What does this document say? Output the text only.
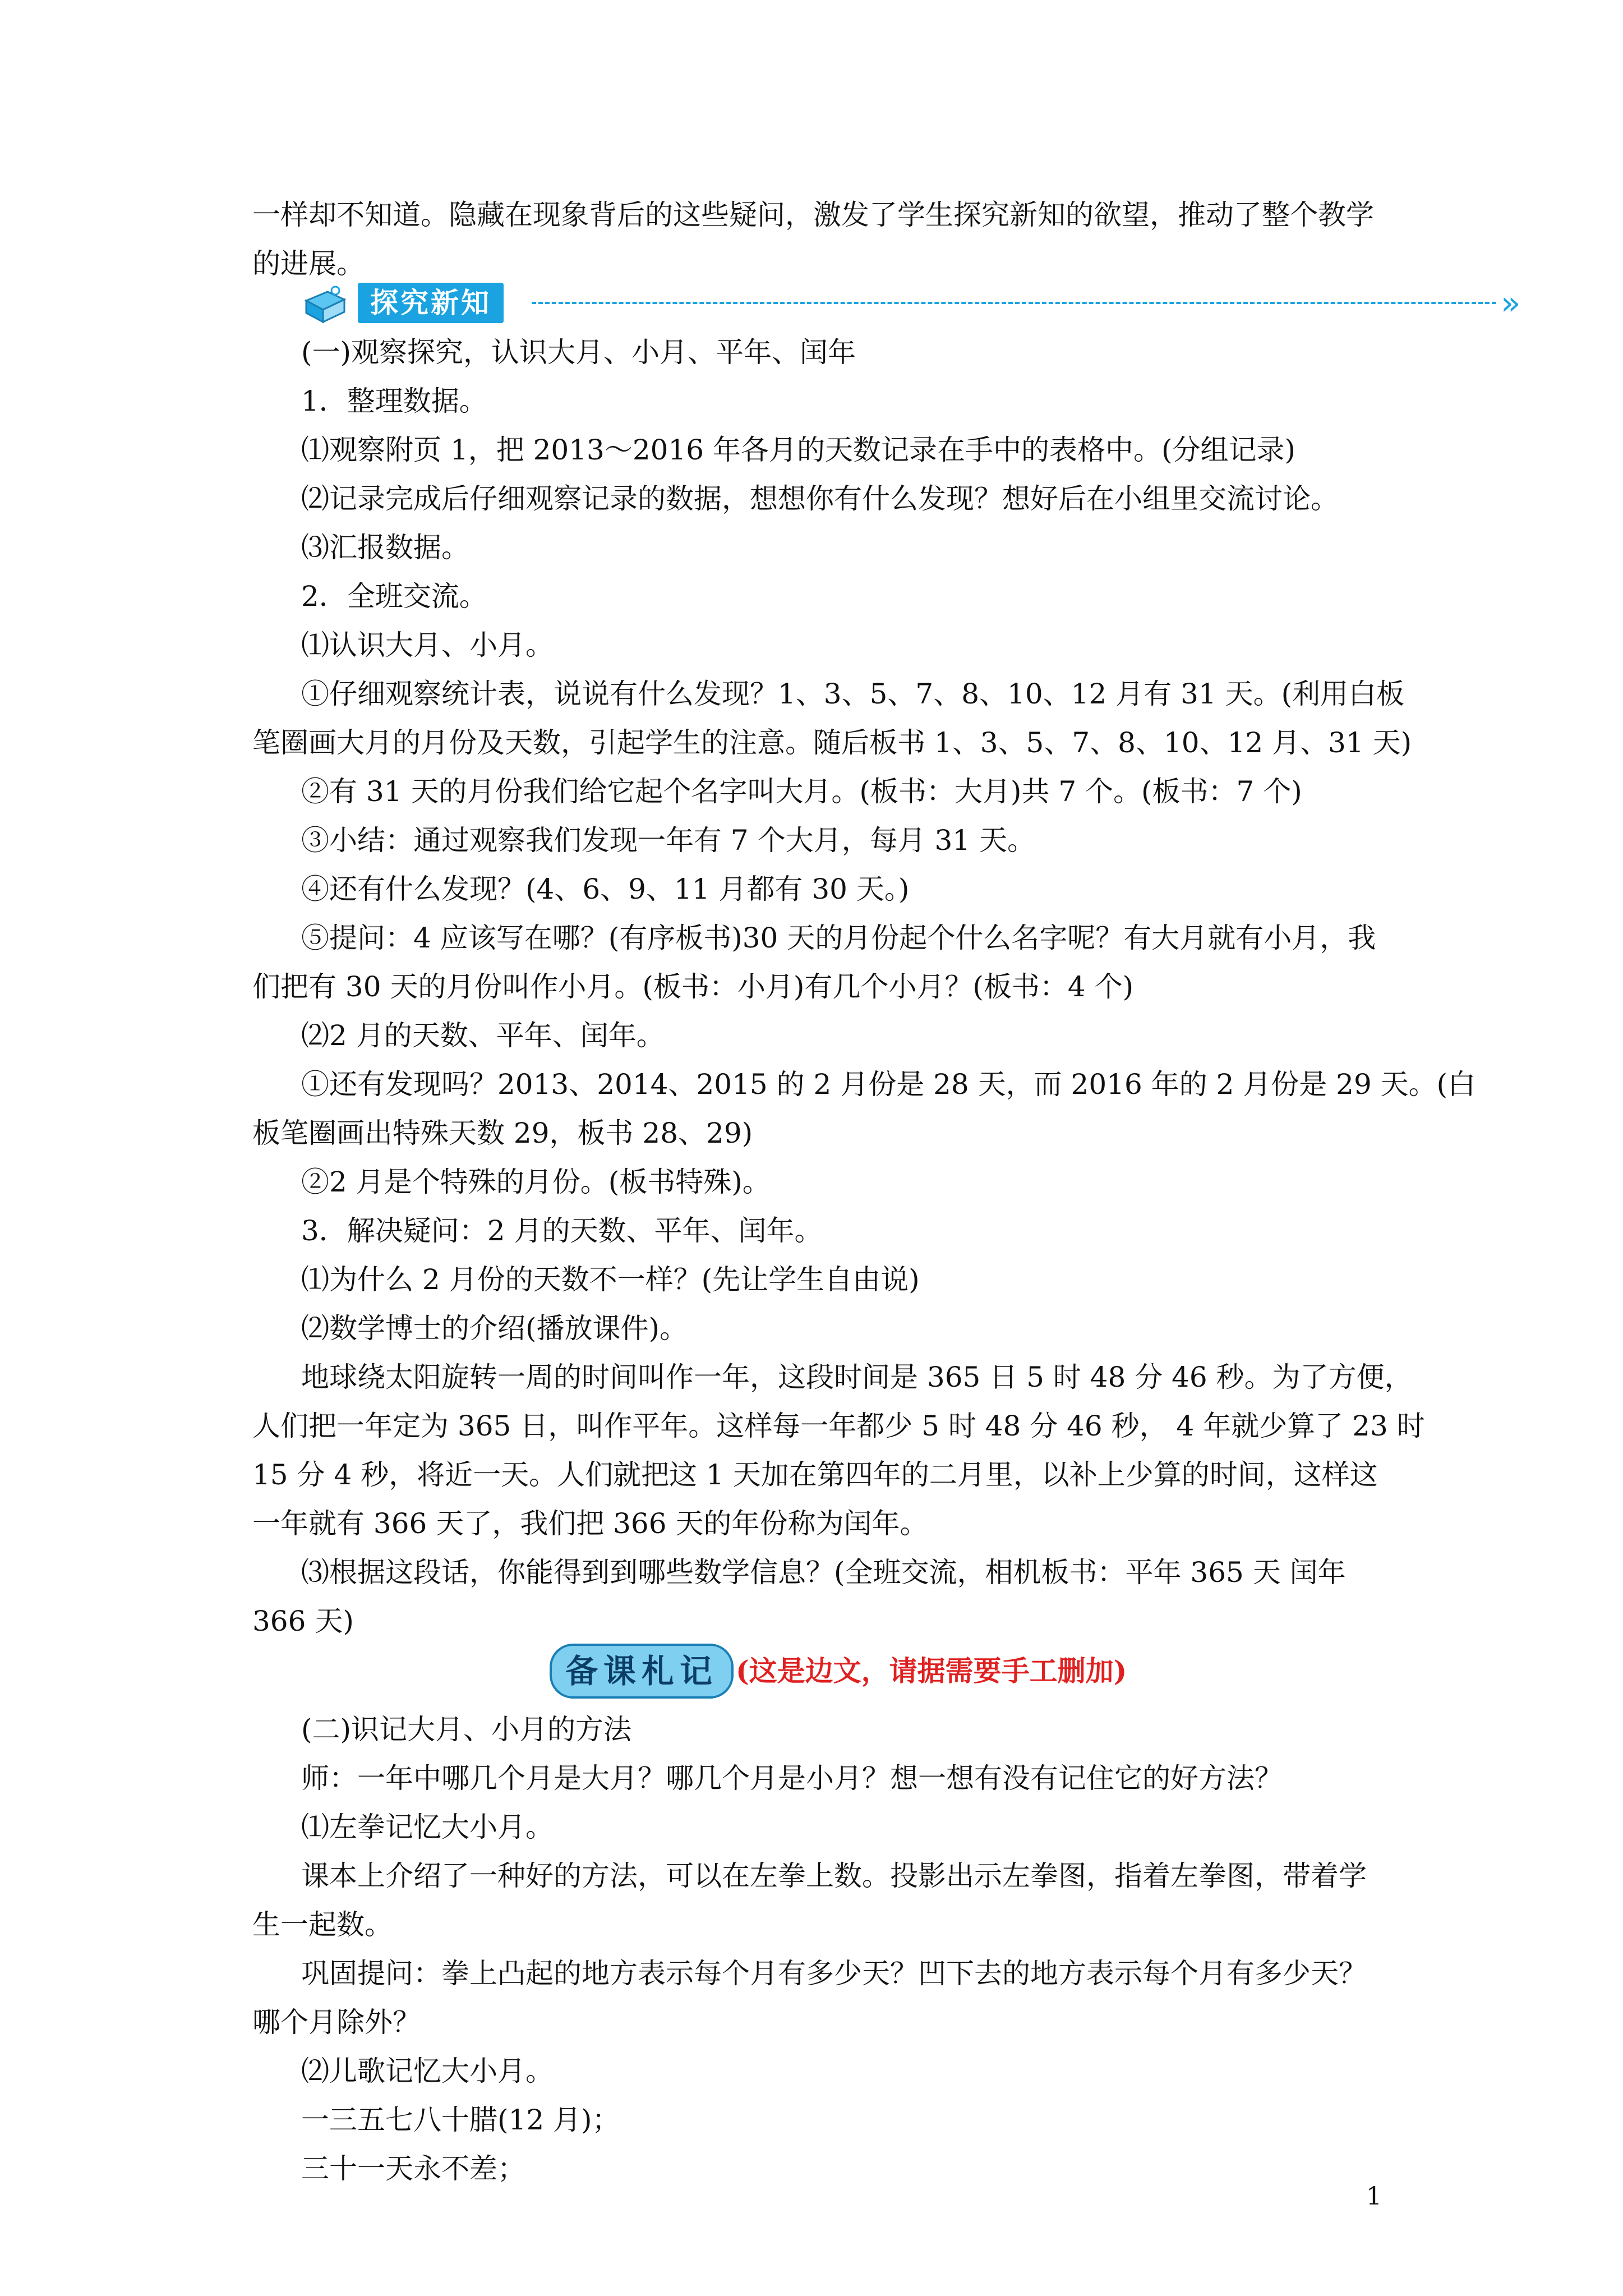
一样却不知道。隐藏在现象背后的这些疑问，激发了学生探究新知的欲望，推动了整个教学

的进展。

探究新知	»

(一)观察探究，认识大月、小月、平年、闰年

1．整理数据。

⑴观察附页 1，把 2013～2016 年各月的天数记录在手中的表格中。(分组记录)

⑵记录完成后仔细观察记录的数据，想想你有什么发现？想好后在小组里交流讨论。

⑶汇报数据。

2．全班交流。

⑴认识大月、小月。

①仔细观察统计表，说说有什么发现？1、3、5、7、8、10、12 月有 31 天。(利用白板

笔圈画大月的月份及天数，引起学生的注意。随后板书 1、3、5、7、8、10、12 月、31 天)

②有 31 天的月份我们给它起个名字叫大月。(板书：大月)共 7 个。(板书：7 个)

③小结：通过观察我们发现一年有 7 个大月，每月 31 天。

④还有什么发现？(4、6、9、11 月都有 30 天。)

⑤提问：4 应该写在哪？(有序板书)30 天的月份起个什么名字呢？有大月就有小月，我

们把有 30 天的月份叫作小月。(板书：小月)有几个小月？(板书：4 个)

⑵2 月的天数、平年、闰年。

①还有发现吗？2013、2014、2015 的 2 月份是 28 天，而 2016 年的 2 月份是 29 天。(白

板笔圈画出特殊天数 29，板书 28、29)

②2 月是个特殊的月份。(板书特殊)。

3．解决疑问：2 月的天数、平年、闰年。

⑴为什么 2 月份的天数不一样？(先让学生自由说)

⑵数学博士的介绍(播放课件)。

地球绕太阳旋转一周的时间叫作一年，这段时间是 365 日 5 时 48 分 46 秒。为了方便，

人们把一年定为 365 日，叫作平年。这样每一年都少 5 时 48 分 46 秒， 4 年就少算了 23 时

15 分 4 秒，将近一天。人们就把这 1 天加在第四年的二月里，以补上少算的时间，这样这

一年就有 366 天了，我们把 366 天的年份称为闰年。

⑶根据这段话，你能得到到哪些数学信息？(全班交流，相机板书：平年 365 天 闰年

366 天)

备课札记 (这是边文，请据需要手工删加)

(二)识记大月、小月的方法

师：一年中哪几个月是大月？哪几个月是小月？想一想有没有记住它的好方法？

⑴左拳记忆大小月。

课本上介绍了一种好的方法，可以在左拳上数。投影出示左拳图，指着左拳图，带着学

生一起数。

巩固提问：拳上凸起的地方表示每个月有多少天？凹下去的地方表示每个月有多少天？

哪个月除外？

⑵儿歌记忆大小月。

一三五七八十腊(12 月)；

三十一天永不差；

1
